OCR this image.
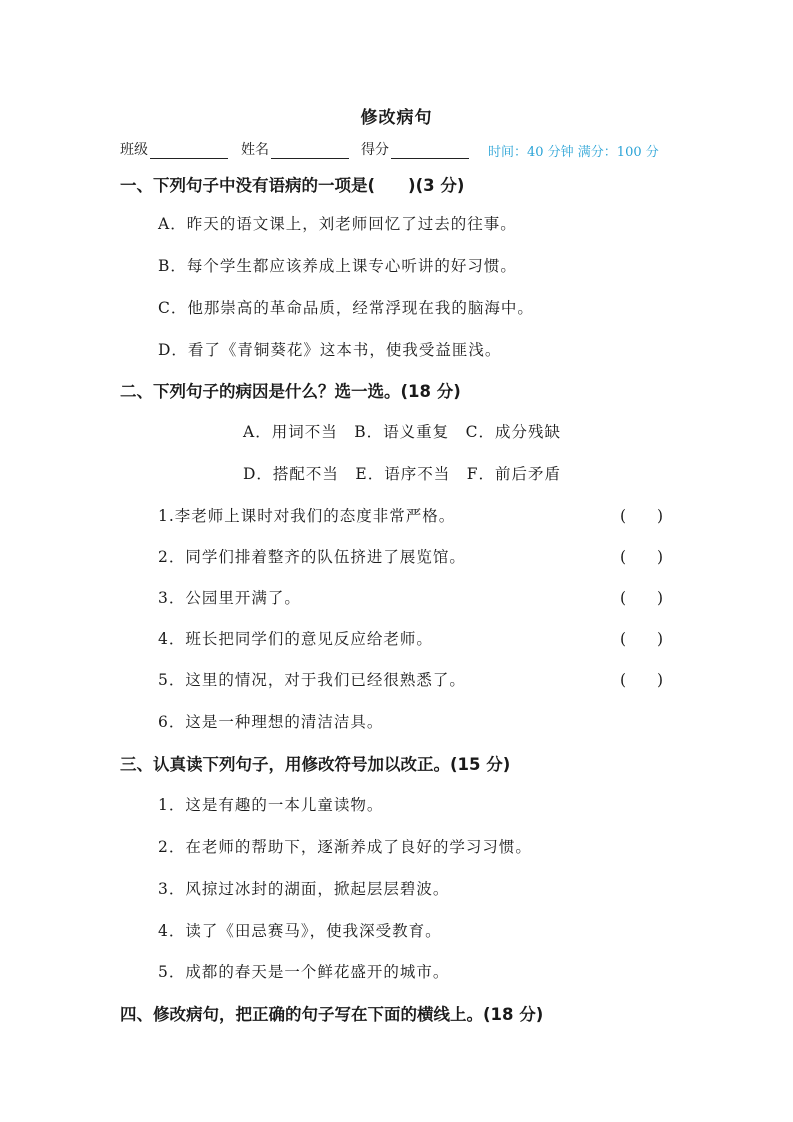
修改病句
班级	姓名	得分	时间：40 分钟 满分：100 分
一、下列句子中没有语病的一项是(　　)(3 分)
A．昨天的语文课上，刘老师回忆了过去的往事。
B．每个学生都应该养成上课专心听讲的好习惯。
C．他那崇高的革命品质，经常浮现在我的脑海中。
D．看了《青铜葵花》这本书，使我受益匪浅。
二、下列句子的病因是什么？选一选。(18 分)
A．用词不当　B．语义重复　C．成分残缺
D．搭配不当　E．语序不当　F．前后矛盾
1.李老师上课时对我们的态度非常严格。	(　　)
2．同学们排着整齐的队伍挤进了展览馆。	(　　)
3．公园里开满了。	(　　)
4．班长把同学们的意见反应给老师。	(　　)
5．这里的情况，对于我们已经很熟悉了。	(　　)
6．这是一种理想的清洁洁具。
三、认真读下列句子，用修改符号加以改正。(15 分)
1．这是有趣的一本儿童读物。
2．在老师的帮助下，逐渐养成了良好的学习习惯。
3．风掠过冰封的湖面，掀起层层碧波。
4．读了《田忌赛马》，使我深受教育。
5．成都的春天是一个鲜花盛开的城市。
四、修改病句，把正确的句子写在下面的横线上。(18 分)
